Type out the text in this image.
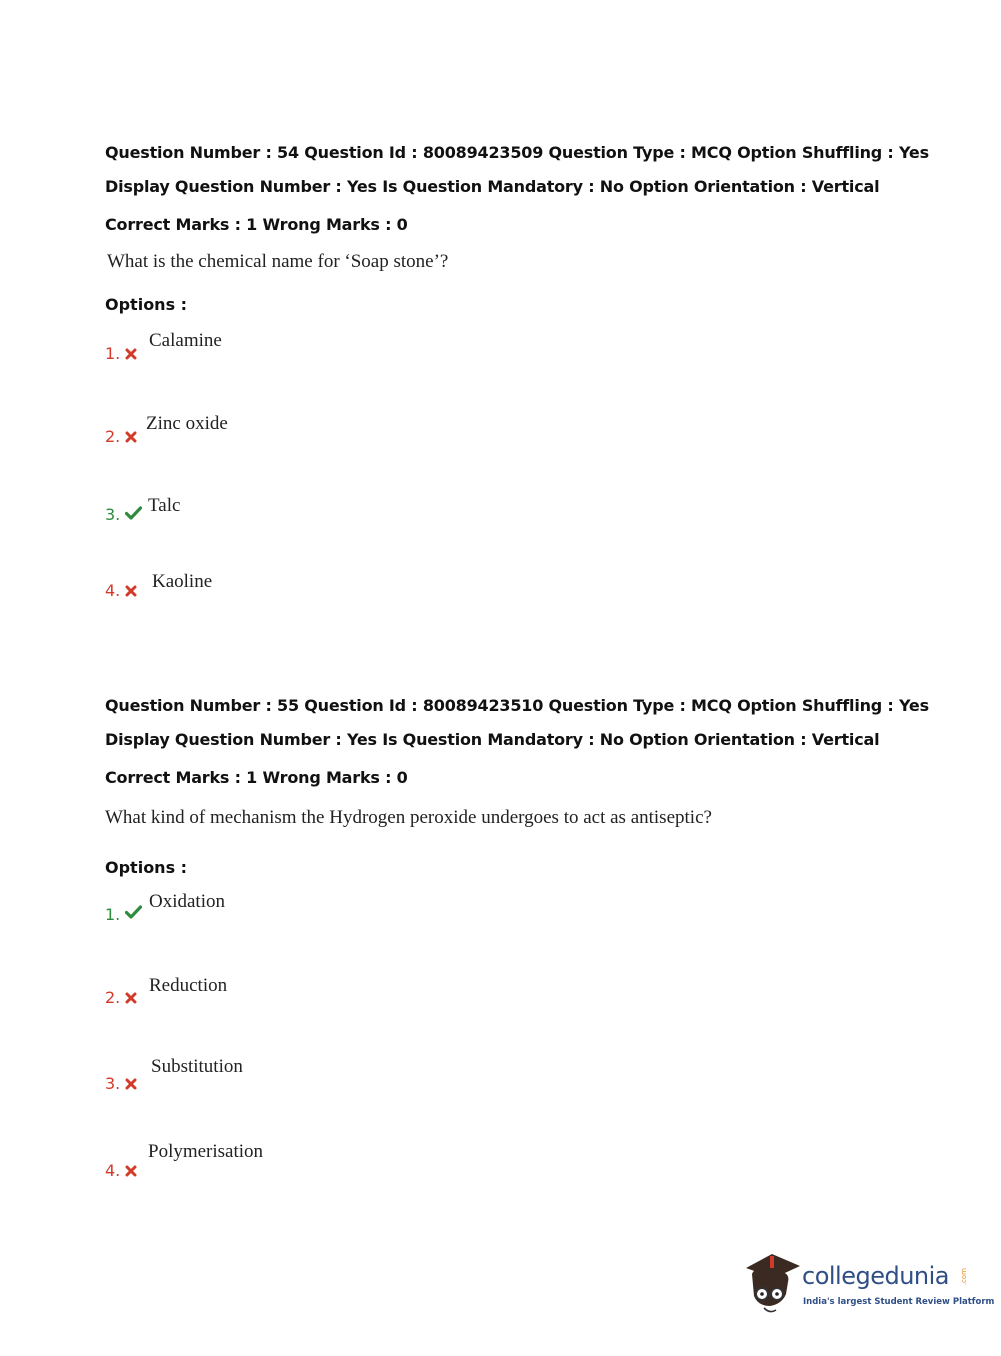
Question Number : 54 Question Id : 80089423509 Question Type : MCQ Option Shuffling : Yes
Display Question Number : Yes Is Question Mandatory : No Option Orientation : Vertical
Correct Marks : 1 Wrong Marks : 0
What is the chemical name for ‘Soap stone’?
Options :
1.
Calamine
2.
Zinc oxide
3. Talc
4. Kaoline
Question Number : 55 Question Id : 80089423510 Question Type : MCQ Option Shuffling : Yes
Display Question Number : Yes Is Question Mandatory : No Option Orientation : Vertical
Correct Marks : 1 Wrong Marks : 0
What kind of mechanism the Hydrogen peroxide undergoes to act as antiseptic?
Options :
1.
Oxidation
2.
Reduction
3.
Substitution
4.
Polymerisation
collegedunia .com
India's largest Student Review Platform
